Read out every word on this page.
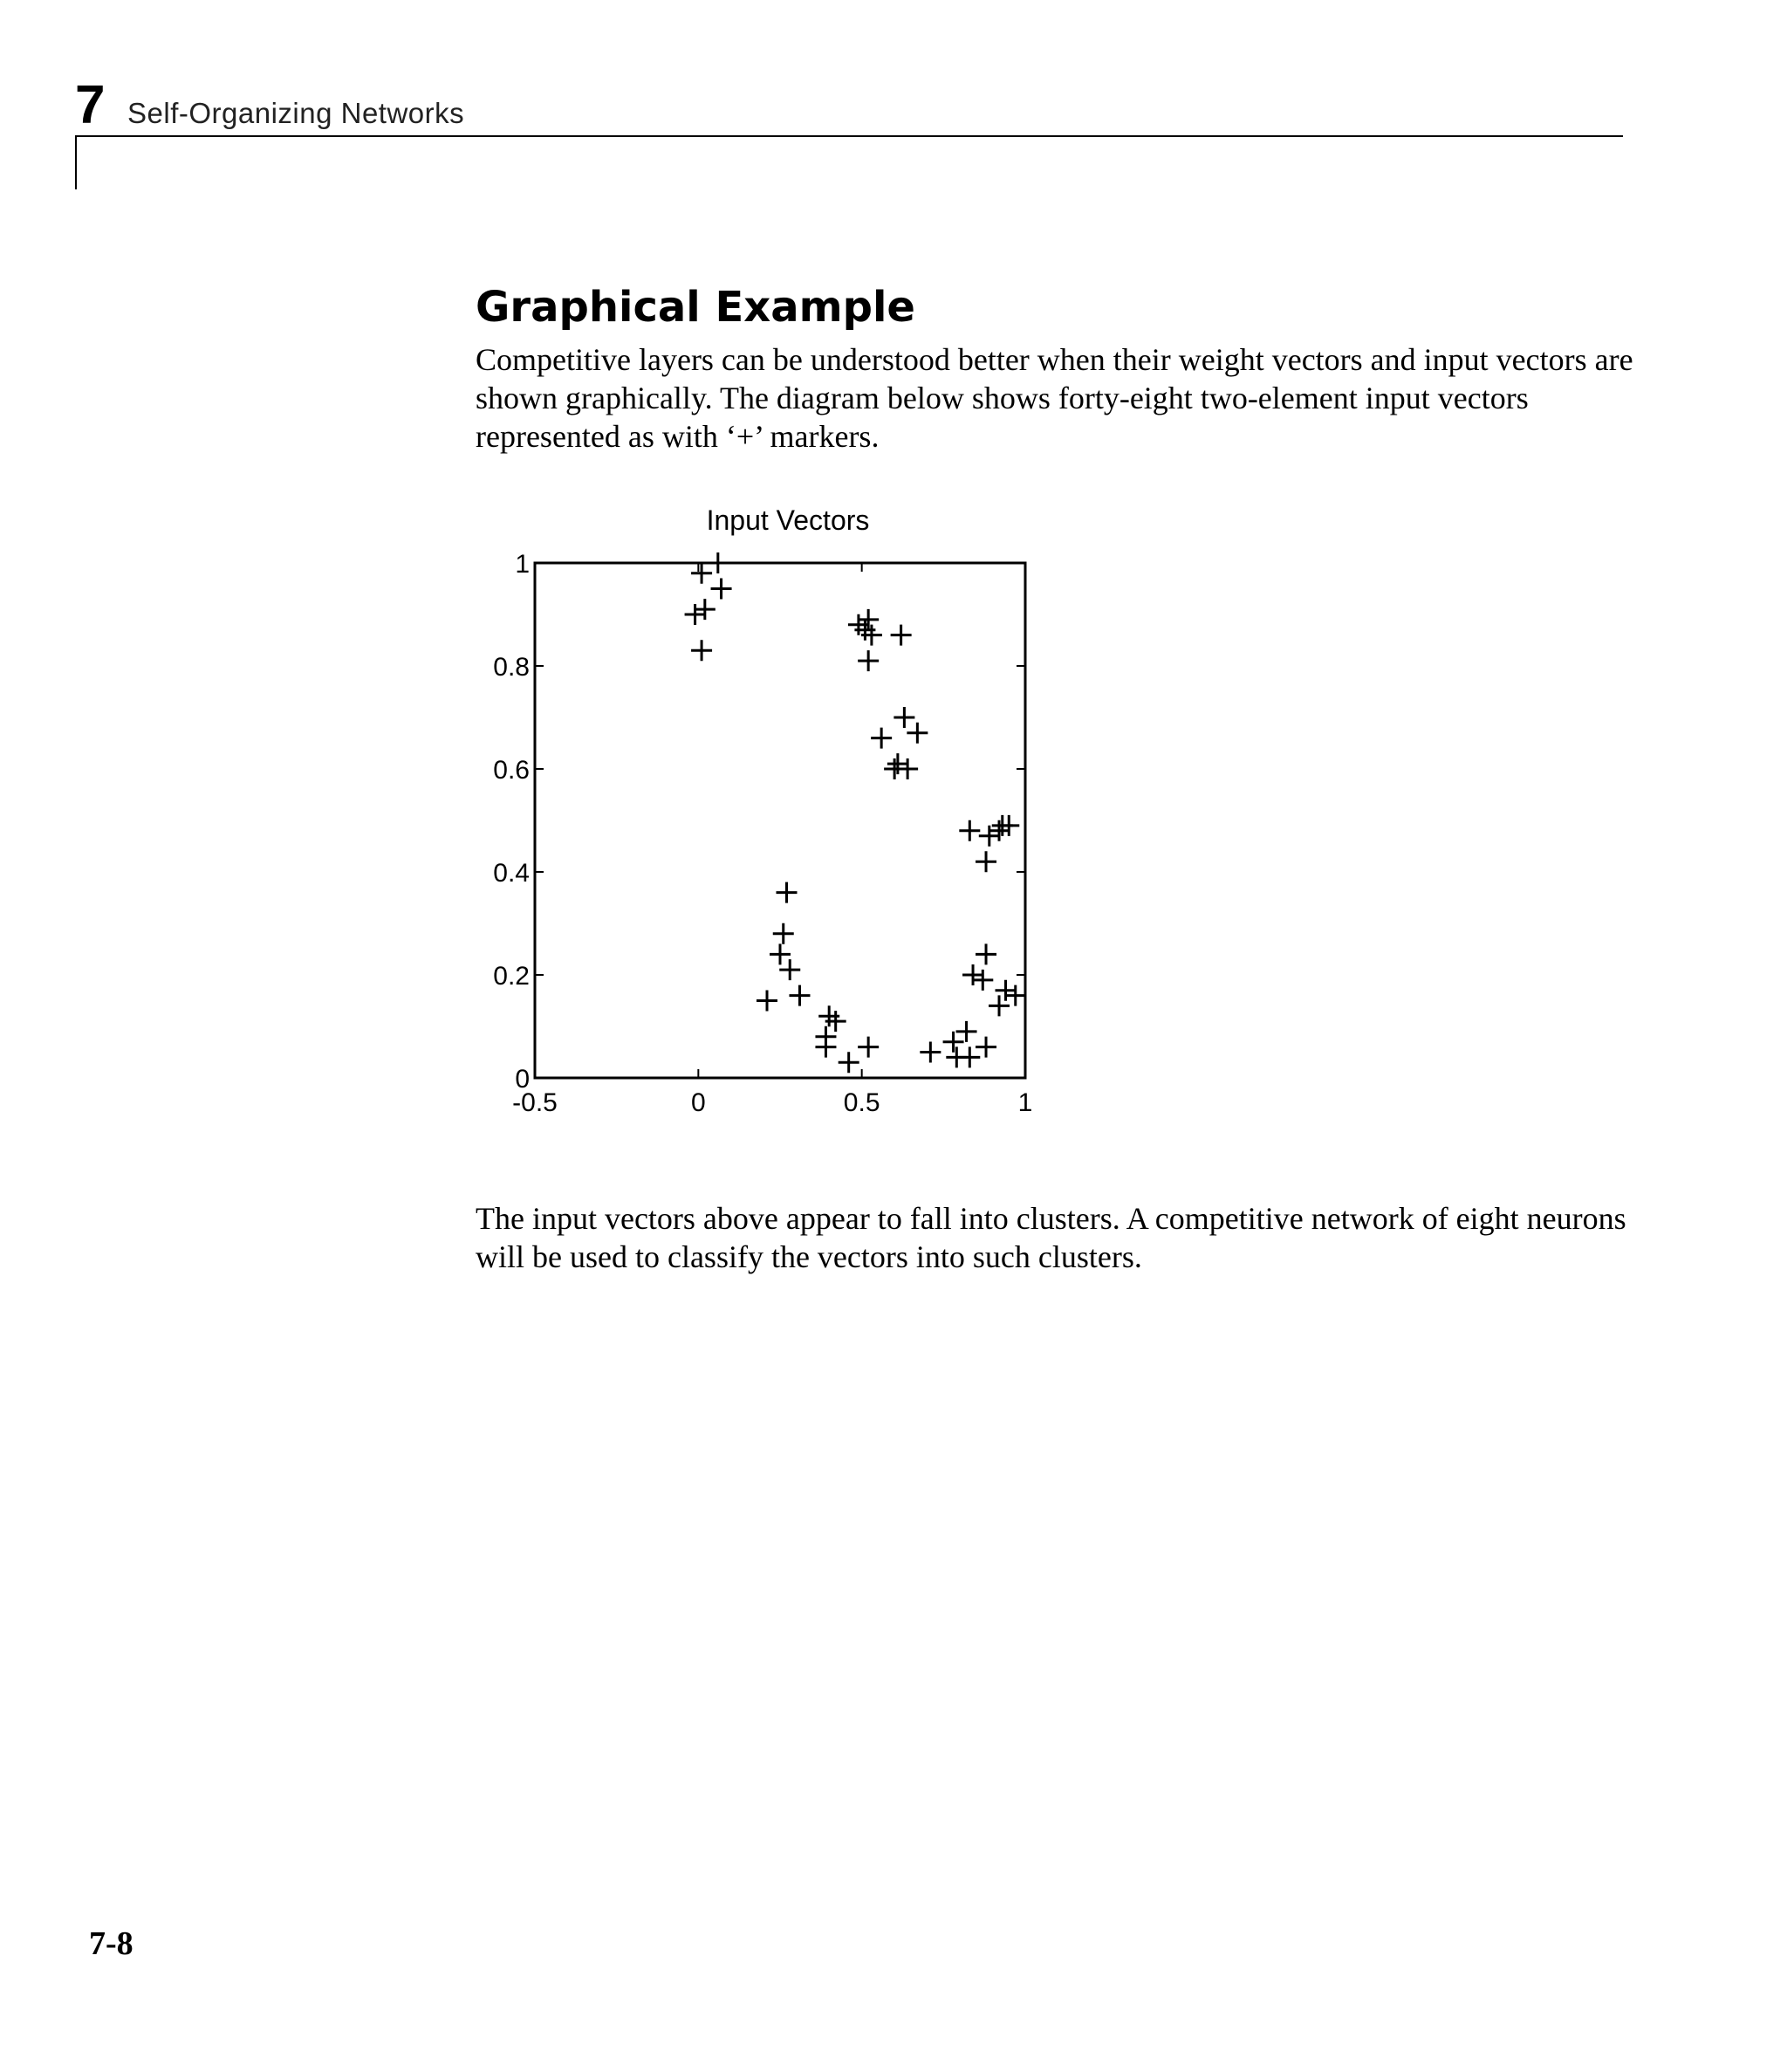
7 Self-Organizing Networks
Graphical Example

Competitive layers can be understood better when their weight vectors and input vectors are shown graphically. The diagram below shows forty-eight two-element input vectors represented as with ‘+’ markers.

Input Vectors
-0.5	0	0.5	1
0
0.2
0.4
0.6
0.8
1

The input vectors above appear to fall into clusters. A competitive network of eight neurons will be used to classify the vectors into such clusters.

7-8
